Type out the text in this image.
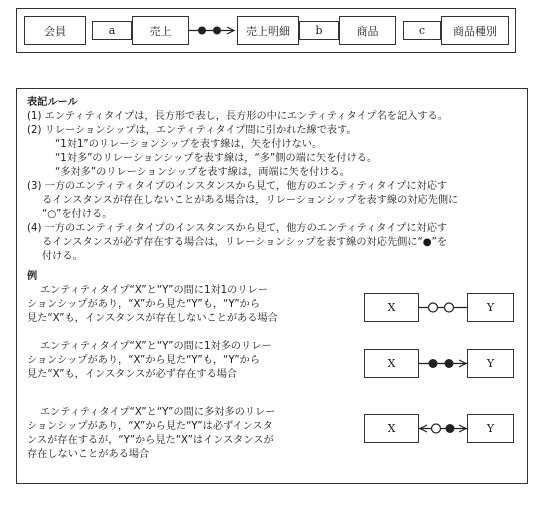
会員	a	売上	売上明細	b	商品	c	商品種別
表記ルール
(1) エンティティタイプは，長方形で表し，長方形の中にエンティティタイプ名を記入する。
(2) リレーションシップは，エンティティタイプ間に引かれた線で表す。
“1対1”のリレーションシップを表す線は，矢を付けない。
“1対多”のリレーションシップを表す線は，“多”側の端に矢を付ける。
“多対多”のリレーションシップを表す線は，両端に矢を付ける。
(3) 一方のエンティティタイプのインスタンスから見て，他方のエンティティタイプに対応す
るインスタンスが存在しないことがある場合は，リレーションシップを表す線の対応先側に
“○”を付ける。
(4) 一方のエンティティタイプのインスタンスから見て，他方のエンティティタイプに対応す
るインスタンスが必ず存在する場合は，リレーションシップを表す線の対応先側に“●”を
付ける。
例
エンティティタイプ“X”と“Y”の間に1対1のリレー
ションシップがあり，“X”から見た“Y”も，“Y”から
見た“X”も，インスタンスが存在しないことがある場合
X	Y
エンティティタイプ“X”と“Y”の間に1対多のリレー
ションシップがあり，“X”から見た“Y”も，“Y”から
見た“X”も，インスタンスが必ず存在する場合
X	Y
エンティティタイプ“X”と“Y”の間に多対多のリレー
ションシップがあり，“X”から見た“Y”は必ずインスタ
ンスが存在するが，“Y”から見た“X”はインスタンスが
存在しないことがある場合
X	Y
